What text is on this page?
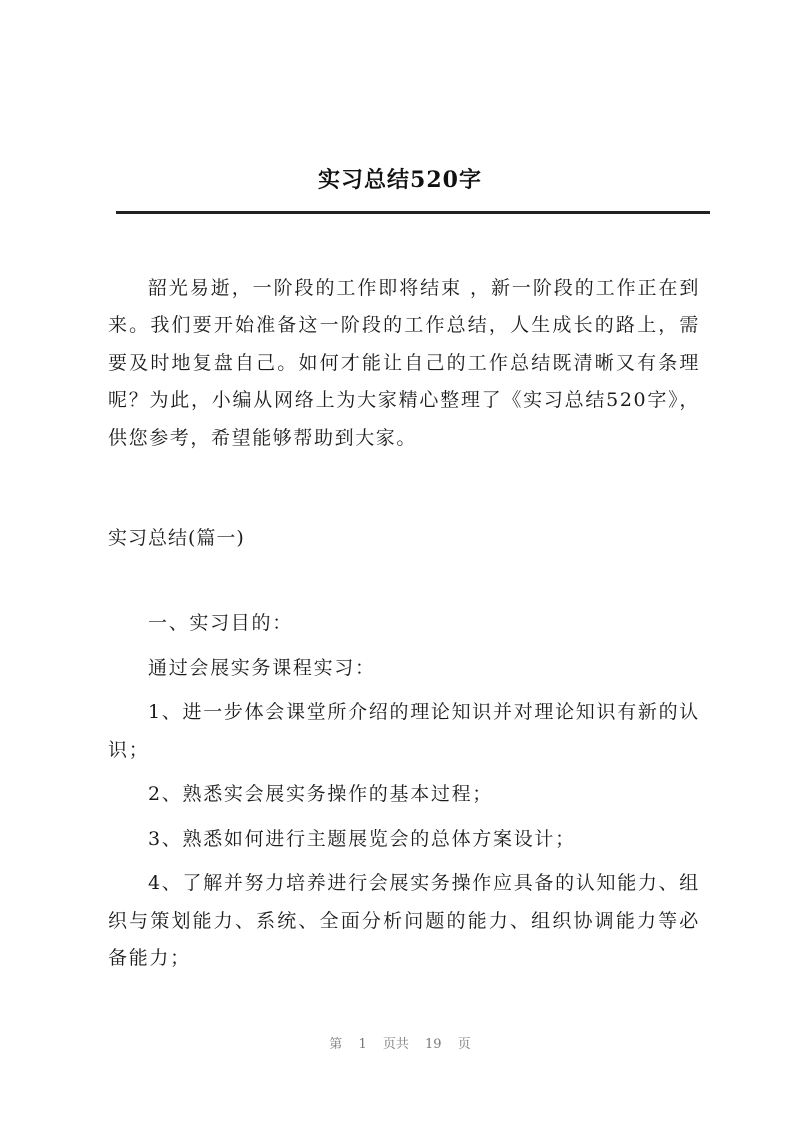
实习总结520字

韶光易逝，一阶段的工作即将结束 ，新一阶段的工作正在到来。我们要开始准备这一阶段的工作总结，人生成长的路上，需要及时地复盘自己。如何才能让自己的工作总结既清晰又有条理呢？为此，小编从网络上为大家精心整理了《实习总结520字》，供您参考，希望能够帮助到大家。

实习总结(篇一)

一、实习目的：

通过会展实务课程实习：

1、进一步体会课堂所介绍的理论知识并对理论知识有新的认识；

2、熟悉实会展实务操作的基本过程；

3、熟悉如何进行主题展览会的总体方案设计；

4、了解并努力培养进行会展实务操作应具备的认知能力、组织与策划能力、系统、全面分析问题的能力、组织协调能力等必备能力；

第 1 页共 19 页
